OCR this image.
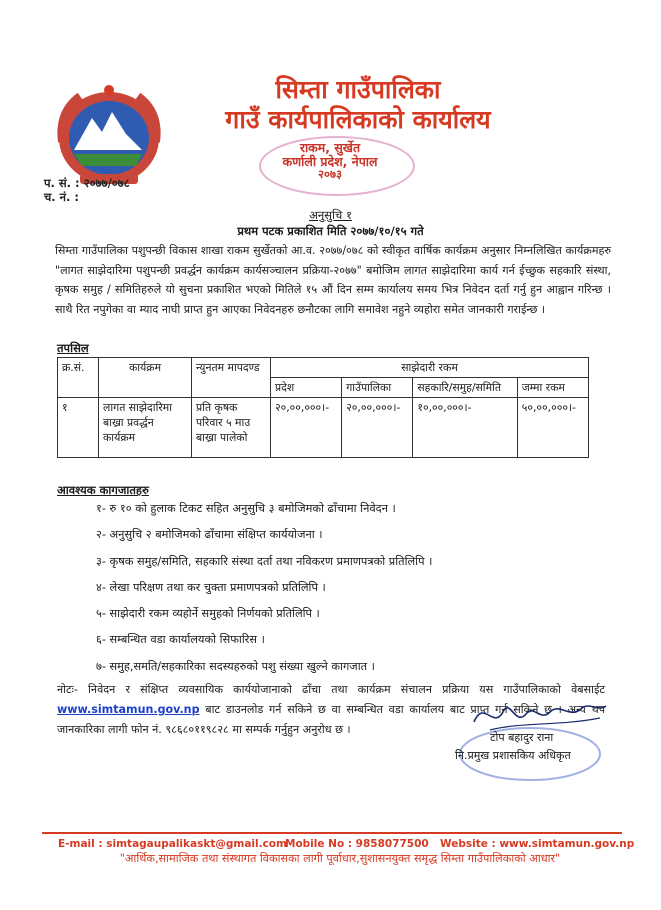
सिम्ता गाउँपालिका
गाउँ कार्यपालिकाको कार्यालय
राकम, सुर्खेत
कर्णाली प्रदेश, नेपाल
२०७३
प. सं. : २०७७/०७८
च. नं. :
अनुसुचि १
प्रथम पटक प्रकाशित मिति २०७७/१०/१५ गते
सिम्ता गाउँपालिका पशुपन्छी विकास शाखा राकम सुर्खेतको आ.व. २०७७/०७८ को स्वीकृत वार्षिक कार्यक्रम अनुसार निम्नलिखित कार्यक्रमहरु "लागत साझेदारिमा पशुपन्छी प्रवर्द्धन कार्यक्रम कार्यसञ्चालन प्रक्रिया-२०७७" बमोजिम लागत साझेदारिमा कार्य गर्न ईच्छुक सहकारि संस्था, कृषक समुह / समितिहरुले यो सुचना प्रकाशित भएको मितिले १५ औं दिन सम्म कार्यालय समय भित्र निवेदन दर्ता गर्नु हुन आह्वान गरिन्छ । साथै रित नपुगेका वा म्याद नाघी प्राप्त हुन आएका निवेदनहरु छनौटका लागि समावेश नहुने व्यहोरा समेत जानकारी गराईन्छ ।
तपसिल
क्र.सं.	कार्यक्रम	न्युनतम मापदण्ड	साझेदारी रकम			
			प्रदेश	गाउँपालिका	सहकारि/समुह/समिति	जम्मा रकम
१	लागत साझेदारिमा बाख्रा प्रवर्द्धन कार्यक्रम	प्रति कृषक परिवार ५ माउ बाख्रा पालेको	२०,००,०००।-	२०,००,०००।-	१०,००,०००।-	५०,००,०००।-
आवश्यक कागजातहरु
१- रु १० को हुलाक टिकट सहित अनुसुचि ३ बमोजिमको ढाँचामा निवेदन ।
२- अनुसुचि २ बमोजिमको ढाँचामा संक्षिप्त कार्ययोजना ।
३- कृषक समुह/समिति, सहकारि संस्था दर्ता तथा नविकरण प्रमाणपत्रको प्रतिलिपि ।
४- लेखा परिक्षण तथा कर चुक्ता प्रमाणपत्रको प्रतिलिपि ।
५- साझेदारी रकम व्यहोर्ने समुहको निर्णयको प्रतिलिपि ।
६- सम्बन्धित वडा कार्यालयको सिफारिस ।
७- समुह,समति/सहकारिका सदस्यहरुको पशु संख्या खुल्ने कागजात ।
नोटः- निवेदन र संक्षिप्त व्यवसायिक कार्ययोजानाको ढाँचा तथा कार्यक्रम संचालन प्रक्रिया यस गाउँपालिकाको वेबसाईट www.simtamun.gov.np बाट डाउनलोड गर्न सकिने छ वा सम्बन्धित वडा कार्यालय बाट प्राप्त गर्न सकिने छ । अन्य थप जानकारिका लागी फोन नं. ९८६८०११९८२८ मा सम्पर्क गर्नुहुन अनुरोध छ ।
टोप बहादुर राना
नि.प्रमुख प्रशासकिय अधिकृत
E-mail : simtagaupalikaskt@gmail.com
Mobile No : 9858077500 Website : www.simtamun.gov.np
"आर्थिक,सामाजिक तथा संस्थागत विकासका लागी पूर्वाधार,सुशासनयुक्त समृद्ध सिम्ता गाउँपालिकाको आधार"
